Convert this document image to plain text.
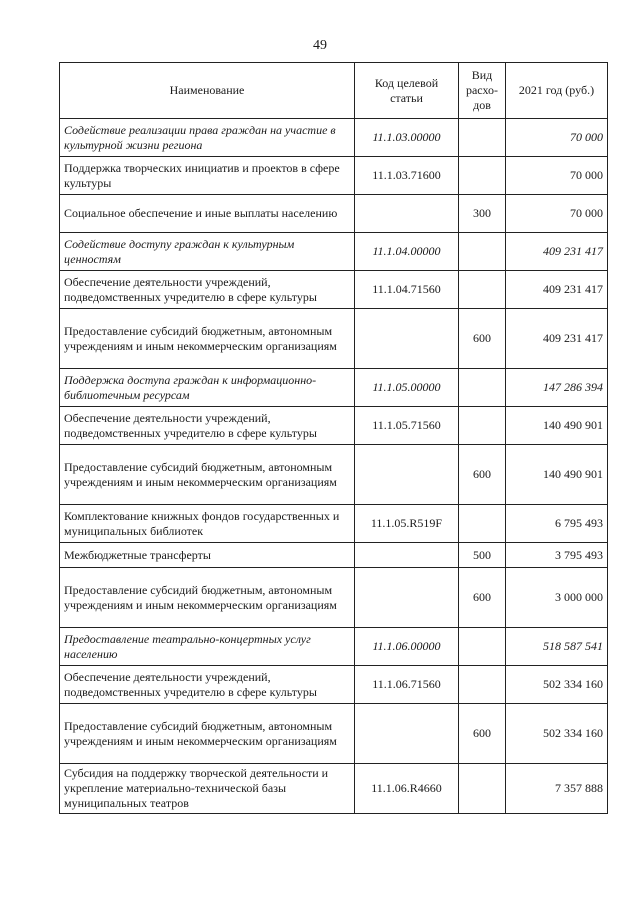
49
Наименование	Код целевой статьи	Вид расхо-дов	2021 год (руб.)
Содействие реализации права граждан на участие в культурной жизни региона	11.1.03.00000		70 000
Поддержка творческих инициатив и проектов в сфере культуры	11.1.03.71600		70 000
Социальное обеспечение и иные выплаты населению		300	70 000
Содействие доступу граждан к культурным ценностям	11.1.04.00000		409 231 417
Обеспечение деятельности учреждений, подведомственных учредителю в сфере культуры	11.1.04.71560		409 231 417
Предоставление субсидий бюджетным, автономным учреждениям и иным некоммерческим организациям		600	409 231 417
Поддержка доступа граждан к информационно-библиотечным ресурсам	11.1.05.00000		147 286 394
Обеспечение деятельности учреждений, подведомственных учредителю в сфере культуры	11.1.05.71560		140 490 901
Предоставление субсидий бюджетным, автономным учреждениям и иным некоммерческим организациям		600	140 490 901
Комплектование книжных фондов государственных и муниципальных библиотек	11.1.05.R519F		6 795 493
Межбюджетные трансферты		500	3 795 493
Предоставление субсидий бюджетным, автономным учреждениям и иным некоммерческим организациям		600	3 000 000
Предоставление театрально-концертных услуг населению	11.1.06.00000		518 587 541
Обеспечение деятельности учреждений, подведомственных учредителю в сфере культуры	11.1.06.71560		502 334 160
Предоставление субсидий бюджетным, автономным учреждениям и иным некоммерческим организациям		600	502 334 160
Субсидия на поддержку творческой деятельности и укрепление материально-технической базы муниципальных театров	11.1.06.R4660		7 357 888
